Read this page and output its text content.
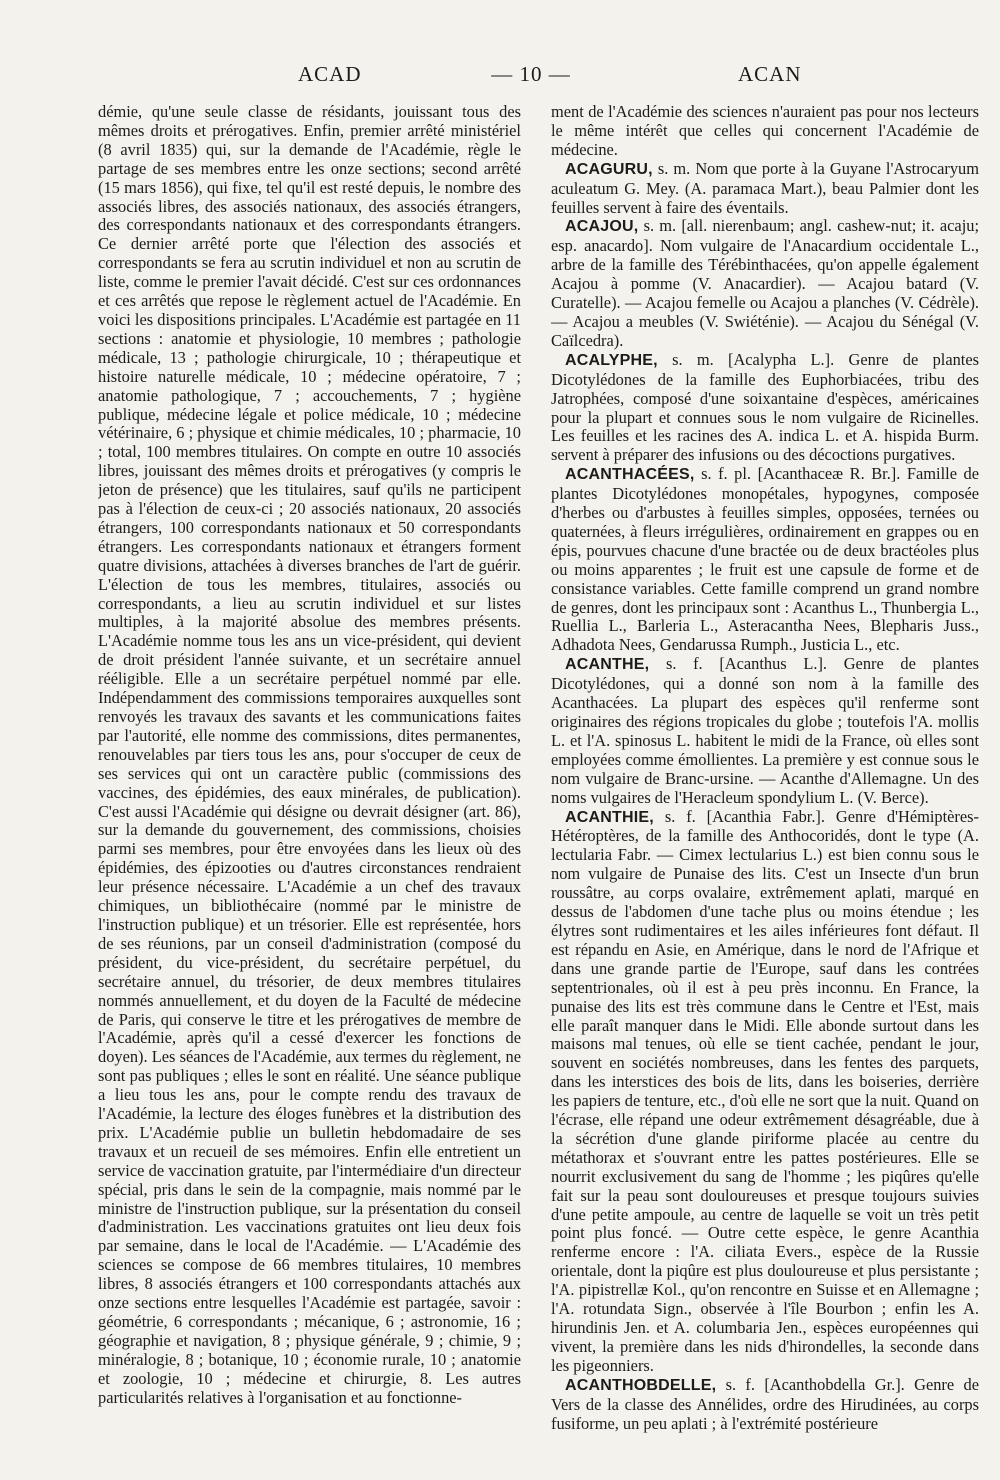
ACAD	— 10 —	ACAN

démie, qu'une seule classe de résidants, jouissant tous des mêmes droits et prérogatives. Enfin, premier arrêté ministériel (8 avril 1835) qui, sur la demande de l'Académie, règle le partage de ses membres entre les onze sections; second arrêté (15 mars 1856), qui fixe, tel qu'il est resté depuis, le nombre des associés libres, des associés nationaux, des associés étrangers, des correspondants nationaux et des correspondants étrangers. Ce dernier arrêté porte que l'élection des associés et correspondants se fera au scrutin individuel et non au scrutin de liste, comme le premier l'avait décidé. C'est sur ces ordonnances et ces arrêtés que repose le règlement actuel de l'Académie. En voici les dispositions principales. L'Académie est partagée en 11 sections : anatomie et physiologie, 10 membres ; pathologie médicale, 13 ; pathologie chirurgicale, 10 ; thérapeutique et histoire naturelle médicale, 10 ; médecine opératoire, 7 ; anatomie pathologique, 7 ; accouchements, 7 ; hygiène publique, médecine légale et police médicale, 10 ; médecine vétérinaire, 6 ; physique et chimie médicales, 10 ; pharmacie, 10 ; total, 100 membres titulaires. On compte en outre 10 associés libres, jouissant des mêmes droits et prérogatives (y compris le jeton de présence) que les titulaires, sauf qu'ils ne participent pas à l'élection de ceux-ci ; 20 associés nationaux, 20 associés étrangers, 100 correspondants nationaux et 50 correspondants étrangers. Les correspondants nationaux et étrangers forment quatre divisions, attachées à diverses branches de l'art de guérir. L'élection de tous les membres, titulaires, associés ou correspondants, a lieu au scrutin individuel et sur listes multiples, à la majorité absolue des membres présents. L'Académie nomme tous les ans un vice-président, qui devient de droit président l'année suivante, et un secrétaire annuel rééligible. Elle a un secrétaire perpétuel nommé par elle. Indépendamment des commissions temporaires auxquelles sont renvoyés les travaux des savants et les communications faites par l'autorité, elle nomme des commissions, dites permanentes, renouvelables par tiers tous les ans, pour s'occuper de ceux de ses services qui ont un caractère public (commissions des vaccines, des épidémies, des eaux minérales, de publication). C'est aussi l'Académie qui désigne ou devrait désigner (art. 86), sur la demande du gouvernement, des commissions, choisies parmi ses membres, pour être envoyées dans les lieux où des épidémies, des épizooties ou d'autres circonstances rendraient leur présence nécessaire. L'Académie a un chef des travaux chimiques, un bibliothécaire (nommé par le ministre de l'instruction publique) et un trésorier. Elle est représentée, hors de ses réunions, par un conseil d'administration (composé du président, du vice-président, du secrétaire perpétuel, du secrétaire annuel, du trésorier, de deux membres titulaires nommés annuellement, et du doyen de la Faculté de médecine de Paris, qui conserve le titre et les prérogatives de membre de l'Académie, après qu'il a cessé d'exercer les fonctions de doyen). Les séances de l'Académie, aux termes du règlement, ne sont pas publiques ; elles le sont en réalité. Une séance publique a lieu tous les ans, pour le compte rendu des travaux de l'Académie, la lecture des éloges funèbres et la distribution des prix. L'Académie publie un bulletin hebdomadaire de ses travaux et un recueil de ses mémoires. Enfin elle entretient un service de vaccination gratuite, par l'intermédiaire d'un directeur spécial, pris dans le sein de la compagnie, mais nommé par le ministre de l'instruction publique, sur la présentation du conseil d'administration. Les vaccinations gratuites ont lieu deux fois par semaine, dans le local de l'Académie. — L'Académie des sciences se compose de 66 membres titulaires, 10 membres libres, 8 associés étrangers et 100 correspondants attachés aux onze sections entre lesquelles l'Académie est partagée, savoir : géométrie, 6 correspondants ; mécanique, 6 ; astronomie, 16 ; géographie et navigation, 8 ; physique générale, 9 ; chimie, 9 ; minéralogie, 8 ; botanique, 10 ; économie rurale, 10 ; anatomie et zoologie, 10 ; médecine et chirurgie, 8. Les autres particularités relatives à l'organisation et au fonctionne-

ment de l'Académie des sciences n'auraient pas pour nos lecteurs le même intérêt que celles qui concernent l'Académie de médecine.

ACAGURU, s. m. Nom que porte à la Guyane l'Astrocaryum aculeatum G. Mey. (A. paramaca Mart.), beau Palmier dont les feuilles servent à faire des éventails.

ACAJOU, s. m. [all. nierenbaum; angl. cashew-nut; it. acaju; esp. anacardo]. Nom vulgaire de l'Anacardium occidentale L., arbre de la famille des Térébinthacées, qu'on appelle également Acajou à pomme (V. Anacardier). — Acajou batard (V. Curatelle). — Acajou femelle ou Acajou a planches (V. Cédrèle). — Acajou a meubles (V. Swiéténie). — Acajou du Sénégal (V. Caïlcedra).

ACALYPHE, s. m. [Acalypha L.]. Genre de plantes Dicotylédones de la famille des Euphorbiacées, tribu des Jatrophées, composé d'une soixantaine d'espèces, américaines pour la plupart et connues sous le nom vulgaire de Ricinelles. Les feuilles et les racines des A. indica L. et A. hispida Burm. servent à préparer des infusions ou des décoctions purgatives.

ACANTHACÉES, s. f. pl. [Acanthaceæ R. Br.]. Famille de plantes Dicotylédones monopétales, hypogynes, composée d'herbes ou d'arbustes à feuilles simples, opposées, ternées ou quaternées, à fleurs irrégulières, ordinairement en grappes ou en épis, pourvues chacune d'une bractée ou de deux bractéoles plus ou moins apparentes ; le fruit est une capsule de forme et de consistance variables. Cette famille comprend un grand nombre de genres, dont les principaux sont : Acanthus L., Thunbergia L., Ruellia L., Barleria L., Asteracantha Nees, Blepharis Juss., Adhadota Nees, Gendarussa Rumph., Justicia L., etc.

ACANTHE, s. f. [Acanthus L.]. Genre de plantes Dicotylédones, qui a donné son nom à la famille des Acanthacées. La plupart des espèces qu'il renferme sont originaires des régions tropicales du globe ; toutefois l'A. mollis L. et l'A. spinosus L. habitent le midi de la France, où elles sont employées comme émollientes. La première y est connue sous le nom vulgaire de Branc-ursine. — Acanthe d'Allemagne. Un des noms vulgaires de l'Heracleum spondylium L. (V. Berce).

ACANTHIE, s. f. [Acanthia Fabr.]. Genre d'Hémiptères-Hétéroptères, de la famille des Anthocoridés, dont le type (A. lectularia Fabr. — Cimex lectularius L.) est bien connu sous le nom vulgaire de Punaise des lits. C'est un Insecte d'un brun roussâtre, au corps ovalaire, extrêmement aplati, marqué en dessus de l'abdomen d'une tache plus ou moins étendue ; les élytres sont rudimentaires et les ailes inférieures font défaut. Il est répandu en Asie, en Amérique, dans le nord de l'Afrique et dans une grande partie de l'Europe, sauf dans les contrées septentrionales, où il est à peu près inconnu. En France, la punaise des lits est très commune dans le Centre et l'Est, mais elle paraît manquer dans le Midi. Elle abonde surtout dans les maisons mal tenues, où elle se tient cachée, pendant le jour, souvent en sociétés nombreuses, dans les fentes des parquets, dans les interstices des bois de lits, dans les boiseries, derrière les papiers de tenture, etc., d'où elle ne sort que la nuit. Quand on l'écrase, elle répand une odeur extrêmement désagréable, due à la sécrétion d'une glande piriforme placée au centre du métathorax et s'ouvrant entre les pattes postérieures. Elle se nourrit exclusivement du sang de l'homme ; les piqûres qu'elle fait sur la peau sont douloureuses et presque toujours suivies d'une petite ampoule, au centre de laquelle se voit un très petit point plus foncé. — Outre cette espèce, le genre Acanthia renferme encore : l'A. ciliata Evers., espèce de la Russie orientale, dont la piqûre est plus douloureuse et plus persistante ; l'A. pipistrellæ Kol., qu'on rencontre en Suisse et en Allemagne ; l'A. rotundata Sign., observée à l'île Bourbon ; enfin les A. hirundinis Jen. et A. columbaria Jen., espèces européennes qui vivent, la première dans les nids d'hirondelles, la seconde dans les pigeonniers.

ACANTHOBDELLE, s. f. [Acanthobdella Gr.]. Genre de Vers de la classe des Annélides, ordre des Hirudinées, au corps fusiforme, un peu aplati ; à l'extrémité postérieure
